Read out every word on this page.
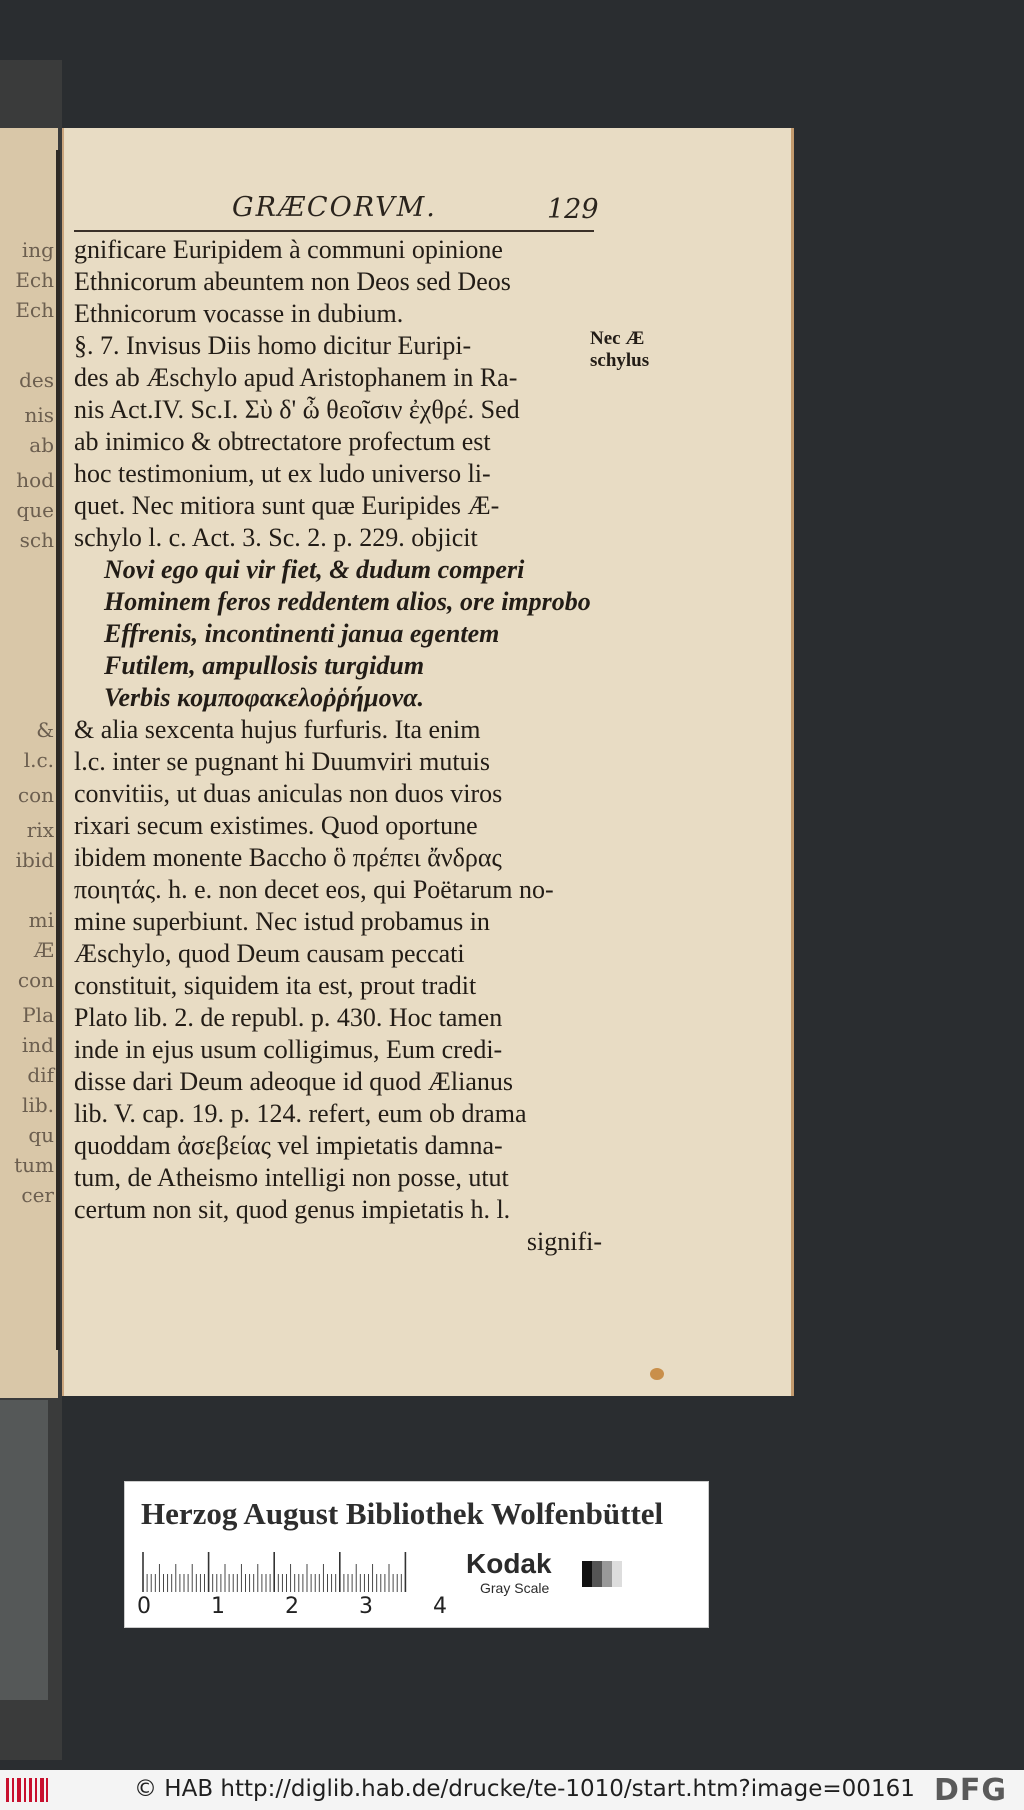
ing
Ech
Ech
des
nis
ab
hod
que
sch
&
l.c.
con
rix
ibid
mi
Æ
con
Pla
ind
dif
lib.
qu
tum
cer
GRÆCORVM.	129
gnificare Euripidem à communi opinione
Ethnicorum abeuntem non Deos sed Deos
Ethnicorum vocasse in dubium.
§. 7. Invisus Diis homo dicitur Euripi-
des ab Æschylo apud Aristophanem in Ra-
nis Act.IV. Sc.I. Σὺ δ' ὦ θεοῖσιν ἐχθρέ. Sed
ab inimico & obtrectatore profectum est
hoc testimonium, ut ex ludo universo li-
quet. Nec mitiora sunt quæ Euripides Æ-
schylo l. c. Act. 3. Sc. 2. p. 229. objicit
Novi ego qui vir fiet, & dudum comperi
Hominem feros reddentem alios, ore improbo
Effrenis, incontinenti janua egentem
Futilem, ampullosis turgidum
Verbis κομποφακελοῤῥήμονα.
& alia sexcenta hujus furfuris. Ita enim
l.c. inter se pugnant hi Duumviri mutuis
convitiis, ut duas aniculas non duos viros
rixari secum existimes. Quod oportune
ibidem monente Baccho ὃ πρέπει ἄνδρας
ποιητάς. h. e. non decet eos, qui Poëtarum no-
mine superbiunt. Nec istud probamus in
Æschylo, quod Deum causam peccati
constituit, siquidem ita est, prout tradit
Plato lib. 2. de republ. p. 430. Hoc tamen
inde in ejus usum colligimus, Eum credi-
disse dari Deum adeoque id quod Ælianus
lib. V. cap. 19. p. 124. refert, eum ob drama
quoddam ἀσεβείας vel impietatis damna-
tum, de Atheismo intelligi non posse, utut
certum non sit, quod genus impietatis h. l.
signifi-
Nec Æ
schylus
Herzog August Bibliothek Wolfenbüttel
0	1	2	3	4
Kodak
Gray Scale
© HAB http://diglib.hab.de/drucke/te-1010/start.htm?image=00161 DFG
